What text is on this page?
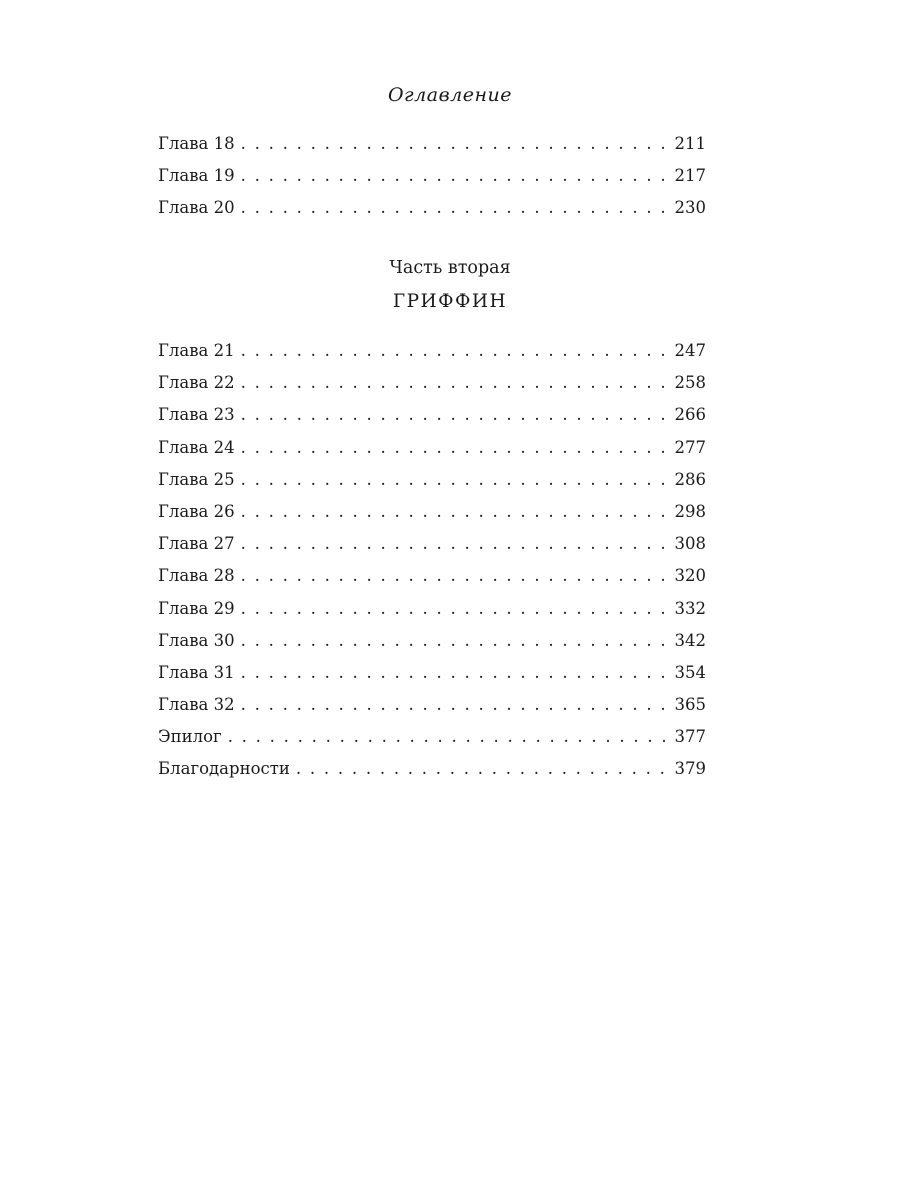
Оглавление
Глава 18 . . .	211
Глава 19 . . .	217
Глава 20 . . .	230
Часть вторая
ГРИФФИН
Глава 21 . . .	247
Глава 22 . . .	258
Глава 23 . . .	266
Глава 24 . . .	277
Глава 25 . . .	286
Глава 26 . . .	298
Глава 27 . . .	308
Глава 28 . . .	320
Глава 29 . . .	332
Глава 30 . . .	342
Глава 31 . . .	354
Глава 32 . . .	365
Эпилог . . .	377
Благодарности . . .	379
